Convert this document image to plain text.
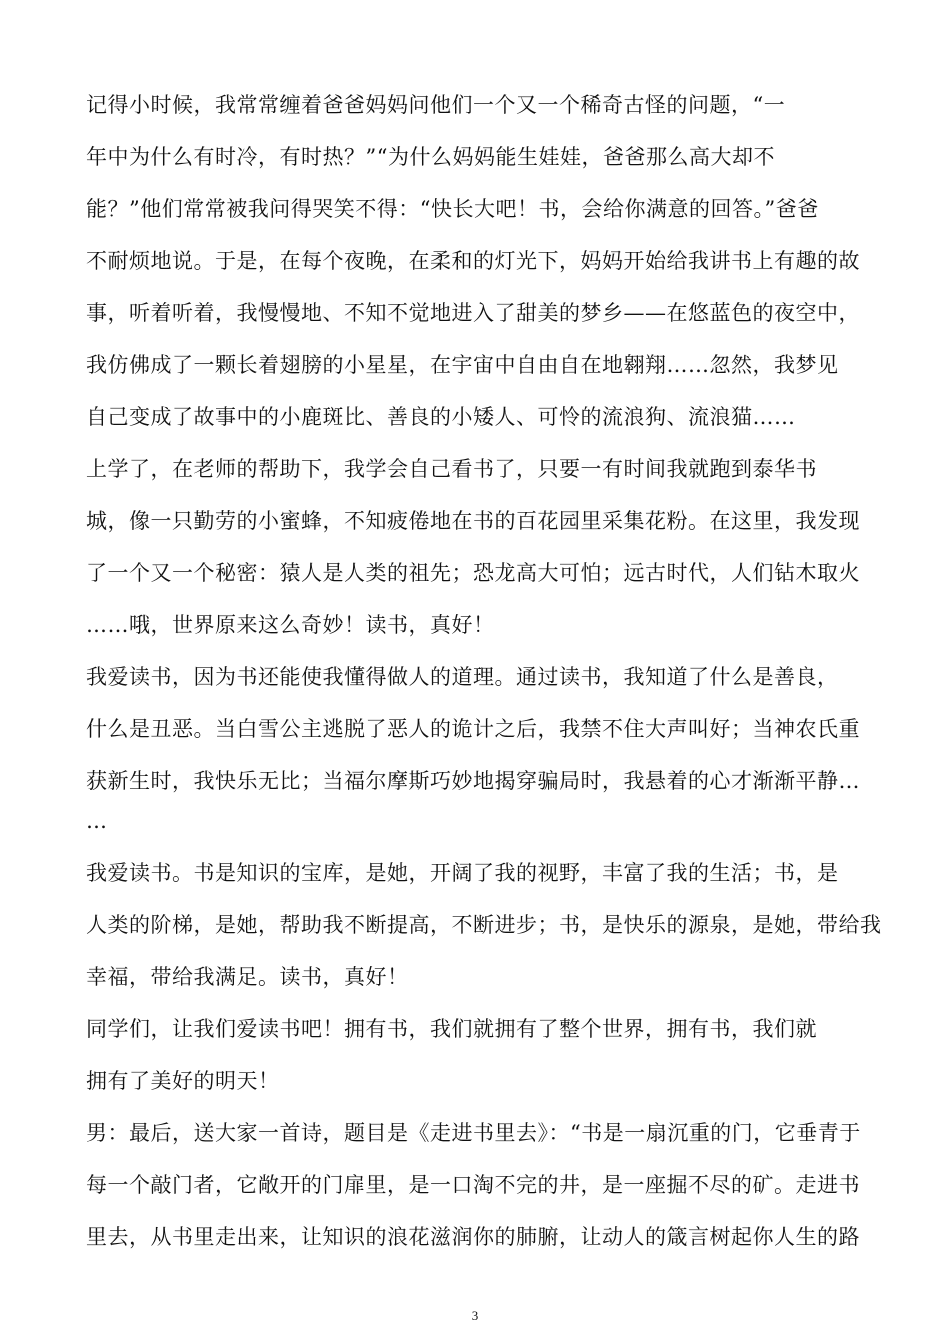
记得小时候，我常常缠着爸爸妈妈问他们一个又一个稀奇古怪的问题，“一
年中为什么有时冷，有时热？”“为什么妈妈能生娃娃，爸爸那么高大却不
能？”他们常常被我问得哭笑不得：“快长大吧！书，会给你满意的回答。”爸爸
不耐烦地说。于是，在每个夜晚，在柔和的灯光下，妈妈开始给我讲书上有趣的故
事，听着听着，我慢慢地、不知不觉地进入了甜美的梦乡——在悠蓝色的夜空中，
我仿佛成了一颗长着翅膀的小星星，在宇宙中自由自在地翱翔……忽然，我梦见
自己变成了故事中的小鹿斑比、善良的小矮人、可怜的流浪狗、流浪猫……
上学了，在老师的帮助下，我学会自己看书了，只要一有时间我就跑到泰华书
城，像一只勤劳的小蜜蜂，不知疲倦地在书的百花园里采集花粉。在这里，我发现
了一个又一个秘密：猿人是人类的祖先；恐龙高大可怕；远古时代，人们钻木取火
……哦，世界原来这么奇妙！读书，真好！
我爱读书，因为书还能使我懂得做人的道理。通过读书，我知道了什么是善良，
什么是丑恶。当白雪公主逃脱了恶人的诡计之后，我禁不住大声叫好；当神农氏重
获新生时，我快乐无比；当福尔摩斯巧妙地揭穿骗局时，我悬着的心才渐渐平静…
…
我爱读书。书是知识的宝库，是她，开阔了我的视野，丰富了我的生活；书，是
人类的阶梯，是她，帮助我不断提高，不断进步；书，是快乐的源泉，是她，带给我
幸福，带给我满足。读书，真好！
同学们，让我们爱读书吧！拥有书，我们就拥有了整个世界，拥有书，我们就
拥有了美好的明天！
男：最后，送大家一首诗，题目是《走进书里去》：“书是一扇沉重的门，它垂青于
每一个敲门者，它敞开的门扉里，是一口淘不完的井，是一座掘不尽的矿。走进书
里去，从书里走出来，让知识的浪花滋润你的肺腑，让动人的箴言树起你人生的路
3
